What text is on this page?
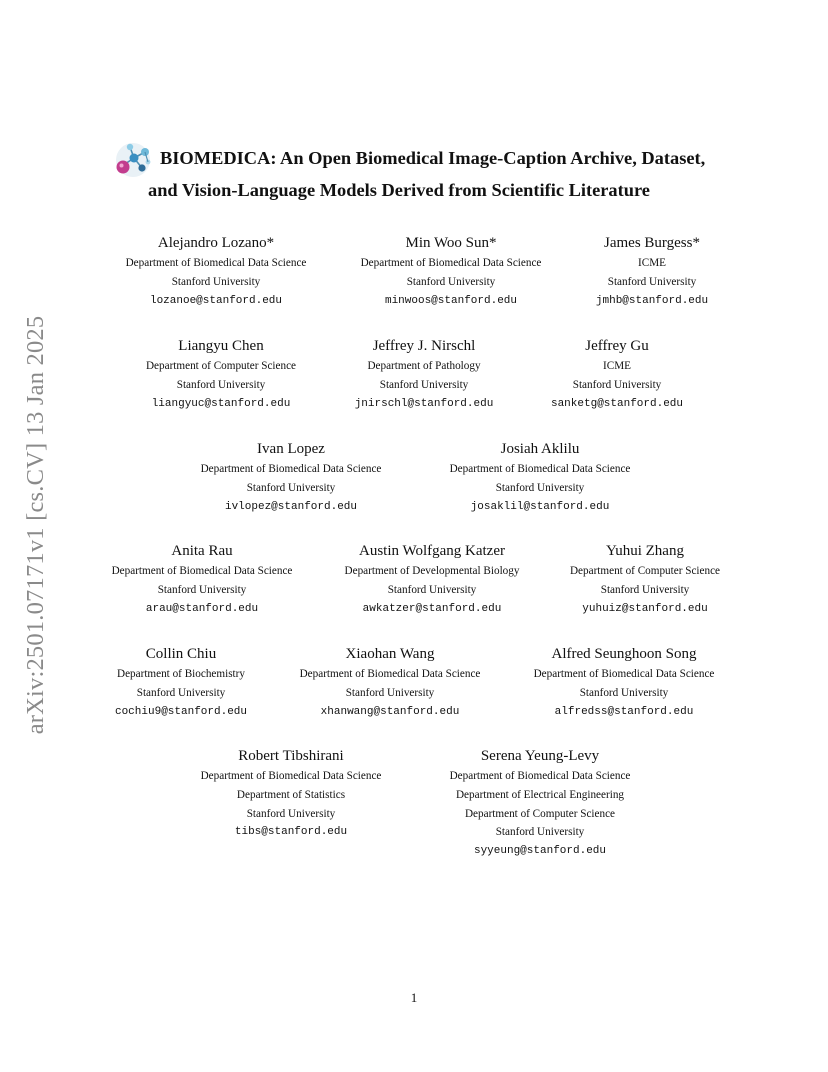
arXiv:2501.07171v1 [cs.CV] 13 Jan 2025
BIOMEDICA: An Open Biomedical Image-Caption Archive, Dataset,
and Vision-Language Models Derived from Scientific Literature
Alejandro Lozano*
Department of Biomedical Data Science
Stanford University
lozanoe@stanford.edu
Min Woo Sun*
Department of Biomedical Data Science
Stanford University
minwoos@stanford.edu
James Burgess*
ICME
Stanford University
jmhb@stanford.edu
Liangyu Chen
Department of Computer Science
Stanford University
liangyuc@stanford.edu
Jeffrey J. Nirschl
Department of Pathology
Stanford University
jnirschl@stanford.edu
Jeffrey Gu
ICME
Stanford University
sanketg@stanford.edu
Ivan Lopez
Department of Biomedical Data Science
Stanford University
ivlopez@stanford.edu
Josiah Aklilu
Department of Biomedical Data Science
Stanford University
josaklil@stanford.edu
Anita Rau
Department of Biomedical Data Science
Stanford University
arau@stanford.edu
Austin Wolfgang Katzer
Department of Developmental Biology
Stanford University
awkatzer@stanford.edu
Yuhui Zhang
Department of Computer Science
Stanford University
yuhuiz@stanford.edu
Collin Chiu
Department of Biochemistry
Stanford University
cochiu9@stanford.edu
Xiaohan Wang
Department of Biomedical Data Science
Stanford University
xhanwang@stanford.edu
Alfred Seunghoon Song
Department of Biomedical Data Science
Stanford University
alfredss@stanford.edu
Robert Tibshirani
Department of Biomedical Data Science
Department of Statistics
Stanford University
tibs@stanford.edu
Serena Yeung-Levy
Department of Biomedical Data Science
Department of Electrical Engineering
Department of Computer Science
Stanford University
syyeung@stanford.edu
1
